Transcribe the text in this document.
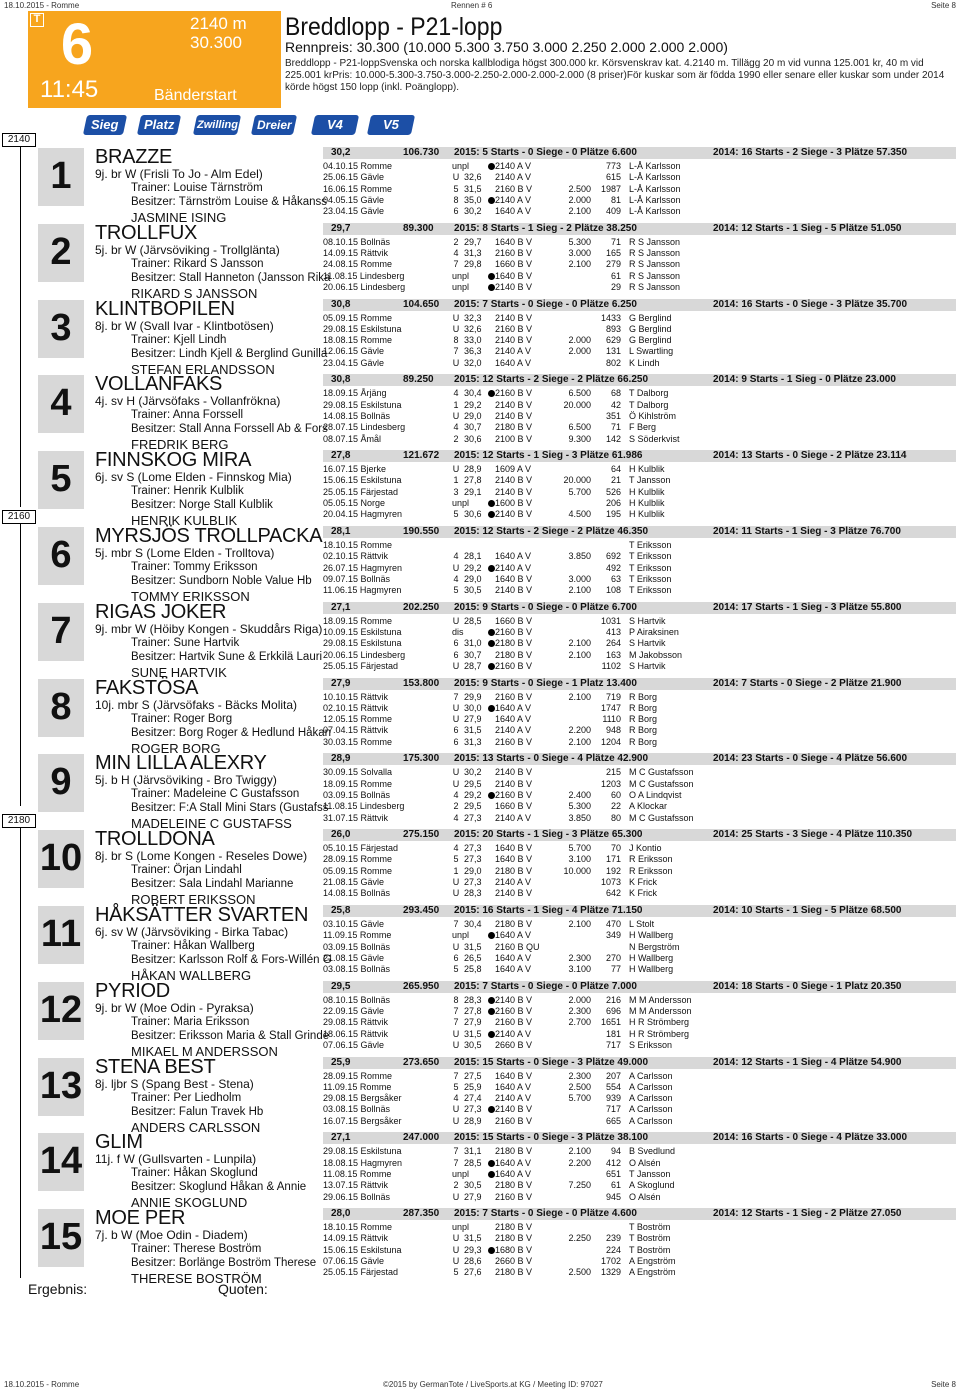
18.10.2015 - Romme	Rennen # 6	Seite 8
T 6
11:45
2140 m
30.300
Bänderstart
Breddlopp - P21-lopp
Rennpreis: 30.300 (10.000 5.300 3.750 3.000 2.250 2.000 2.000 2.000)
Breddlopp - P21-loppSvenska och norska kallblodiga högst 300.000 kr. Körsvenskrav kat. 4.2140 m. Tillägg 20 m vid vunna 125.001 kr, 40 m vid 225.001 krPris: 10.000-5.300-3.750-3.000-2.250-2.000-2.000-2.000 (8 priser)För kuskar som är födda 1990 eller senare eller kuskar som under 2014 körde högst 150 lopp (inkl. Poänglopp).
Sieg	Platz	Zwilling	Dreier	V4	V5
2140
2160
2180
1	BRAZZE
9j. br W (Frisli To Jo - Alm Edel)
Trainer: Louise Tärnström
Besitzer: Tärnström Louise & Håkanss
JASMINE ISING
30,2	106.730 2015: 5 Starts - 0 Siege - 0 Plätze 6.600	2014: 16 Starts - 2 Siege - 3 Plätze 57.350
04.10.15 Romme	unpl	2140 A V	773 L-Å Karlsson
25.06.15 Gävle	U 32,6 2140 A V	615 L-Å Karlsson
16.06.15 Romme	5 31,5 2160 B V	2.500	1987 L-Å Karlsson
04.05.15 Gävle	8 35,0 2140 A V	2.000	81 L-Å Karlsson
23.04.15 Gävle	6 30,2 1640 A V	2.100	409 L-Å Karlsson
2	TROLLFUX
5j. br W (Järvsöviking - Trollglänta)
Trainer: Rikard S Jansson
Besitzer: Stall Hanneton (Jansson Rika
RIKARD S JANSSON
29,7	89.300 2015: 8 Starts - 1 Sieg - 2 Plätze 38.250	2014: 12 Starts - 1 Sieg - 5 Plätze 51.050
08.10.15 Bollnäs	2 29,7 1640 B V	5.300	71 R S Jansson
14.09.15 Rättvik	4 31,3 2160 B V	3.000	165 R S Jansson
24.08.15 Romme	7 29,8 1660 B V	2.100	279 R S Jansson
11.08.15 Lindesberg	unpl	1640 B V	61 R S Jansson
20.06.15 Lindesberg	unpl	2140 B V	29 R S Jansson
3	KLINTBOPILEN
8j. br W (Svall Ivar - Klintbotösen)
Trainer: Kjell Lindh
Besitzer: Lindh Kjell & Berglind Gunilla
STEFAN ERLANDSSON
30,8	104.650 2015: 7 Starts - 0 Siege - 0 Plätze 6.250	2014: 16 Starts - 0 Siege - 3 Plätze 35.700
05.09.15 Romme	U 32,3 2140 B V	1433 G Berglind
29.08.15 Eskilstuna	U 32,6 2160 B V	893 G Berglind
18.08.15 Romme	8 33,0 2140 B V	2.000	629 G Berglind
12.06.15 Gävle	7 36,3 2140 A V	2.000	131 L Swartling
23.04.15 Gävle	U 32,0 1640 A V	802 K Lindh
4	VOLLANFAKS
4j. sv H (Järvsöfaks - Vollanfrökna)
Trainer: Anna Forssell
Besitzer: Stall Anna Forssell Ab & Fors
FREDRIK BERG
30,8	89.250 2015: 12 Starts - 2 Siege - 2 Plätze 66.250	2014: 9 Starts - 1 Sieg - 0 Plätze 23.000
18.09.15 Årjäng	4 30,4 2160 B V	6.500	68 T Dalborg
29.08.15 Eskilstuna	1 29,2 2140 B V	20.000	42 T Dalborg
14.08.15 Bollnäs	U 29,0 2140 B V	351 Ö Kihlström
28.07.15 Lindesberg	4 30,7 2180 B V	6.500	71 F Berg
08.07.15 Åmål	2 30,6 2100 B V	9.300	142 S Söderkvist
5	FINNSKOG MIRA
6j. sv S (Lome Elden - Finnskog Mia)
Trainer: Henrik Kulblik
Besitzer: Norge Stall Kulblik
HENRIK KULBLIK
27,8	121.672 2015: 12 Starts - 1 Sieg - 3 Plätze 61.986	2014: 13 Starts - 0 Siege - 2 Plätze 23.114
16.07.15 Bjerke	U 28,9 1609 A V	64 H Kulblik
15.06.15 Eskilstuna	1 27,8 2140 B V	20.000	21 T Jansson
25.05.15 Färjestad	3 29,1 2140 B V	5.700	526 H Kulblik
05.05.15 Norge	unpl	1600 B V	206 H Kulblik
20.04.15 Hagmyren	5 30,6 2140 B V	4.500	195 H Kulblik
6	MYRSJÖS TROLLPACKA
5j. mbr S (Lome Elden - Trolltova)
Trainer: Tommy Eriksson
Besitzer: Sundborn Noble Value Hb
TOMMY ERIKSSON
28,1	190.550 2015: 12 Starts - 2 Siege - 2 Plätze 46.350	2014: 11 Starts - 1 Sieg - 3 Plätze 76.700
18.10.15 Romme	T Eriksson
02.10.15 Rättvik	4 28,1 1640 A V	3.850	692 T Eriksson
26.07.15 Hagmyren	U 29,2 2140 A V	492 T Eriksson
09.07.15 Bollnäs	4 29,0 1640 B V	3.000	63 T Eriksson
11.06.15 Hagmyren	5 30,5 2140 B V	2.100	108 T Eriksson
7	RIGAS JOKER
9j. mbr W (Höiby Kongen - Skuddårs Riga)
Trainer: Sune Hartvik
Besitzer: Hartvik Sune & Erkkilä Lauri
SUNE HARTVIK
27,1	202.250 2015: 9 Starts - 0 Siege - 0 Plätze 6.700	2014: 17 Starts - 1 Sieg - 3 Plätze 55.800
18.09.15 Romme	U 28,5 1660 B V	1031 S Hartvik
10.09.15 Eskilstuna	dis	2160 B V	413 P Airaksinen
29.08.15 Eskilstuna	6 31,0 2180 B V	2.100	264 S Hartvik
20.06.15 Lindesberg	6 30,7 2180 B V	2.100	163 M Jakobsson
25.05.15 Färjestad	U 28,7 2160 B V	1102 S Hartvik
8	FAKSTÖSA
10j. mbr S (Järvsöfaks - Bäcks Molita)
Trainer: Roger Borg
Besitzer: Borg Roger & Hedlund Håkan
ROGER BORG
27,9	153.800 2015: 9 Starts - 0 Siege - 1 Platz 13.400	2014: 7 Starts - 0 Siege - 2 Plätze 21.900
10.10.15 Rättvik	7 29,9 2160 B V	2.100	719 R Borg
02.10.15 Rättvik	U 30,0 1640 A V	1747 R Borg
12.05.15 Romme	U 27,9 1640 A V	1110 R Borg
07.04.15 Rättvik	6 31,5 2140 A V	2.200	948 R Borg
30.03.15 Romme	6 31,3 2160 B V	2.100	1204 R Borg
9	MIN LILLA ALEXRY
5j. b H (Järvsöviking - Bro Twiggy)
Trainer: Madeleine C Gustafsson
Besitzer: F:A Stall Mini Stars (Gustafss
MADELEINE C GUSTAFSS
28,9	175.300 2015: 13 Starts - 0 Siege - 4 Plätze 42.900	2014: 23 Starts - 0 Siege - 4 Plätze 56.600
30.09.15 Solvalla	U 30,2 2140 B V	215 M C Gustafsson
18.09.15 Romme	U 29,5 2140 B V	1203 M C Gustafsson
03.09.15 Bollnäs	4 29,2 2160 B V	2.400	60 O A Lindqvist
11.08.15 Lindesberg	2 29,5 1660 B V	5.300	22 A Klockar
31.07.15 Rättvik	4 27,3 2140 A V	3.850	80 M C Gustafsson
10 TROLLDONA
8j. br S (Lome Kongen - Reseles Dowe)
Trainer: Örjan Lindahl
Besitzer: Sala Lindahl Marianne
ROBERT ERIKSSON
26,0	275.150 2015: 20 Starts - 1 Sieg - 3 Plätze 65.300	2014: 25 Starts - 3 Siege - 4 Plätze 110.350
05.10.15 Färjestad	4 27,3 1640 B V	5.700	70 J Kontio
28.09.15 Romme	5 27,3 1640 B V	3.100	171 R Eriksson
05.09.15 Romme	1 29,0 2180 B V	10.000	192 R Eriksson
21.08.15 Gävle	U 27,3 2140 A V	1073 K Frick
14.08.15 Bollnäs	U 28,3 2140 B V	642 K Frick
11 HÅKSÄTTER SVARTEN
6j. sv W (Järvsöviking - Birka Tabac)
Trainer: Håkan Wallberg
Besitzer: Karlsson Rolf & Fors-Willén G
HÅKAN WALLBERG
25,8	293.450 2015: 16 Starts - 1 Sieg - 4 Plätze 71.150	2014: 10 Starts - 1 Sieg - 5 Plätze 68.500
03.10.15 Gävle	7 30,4 2180 B V	2.100	470 L Stolt
11.09.15 Romme	unpl	1640 A V	349 H Wallberg
03.09.15 Bollnäs	U 31,5 2160 B QU	N Bergström
21.08.15 Gävle	6 26,5 1640 A V	2.300	270 H Wallberg
03.08.15 Bollnäs	5 25,8 1640 A V	3.100	77 H Wallberg
12 PYRIOD
9j. br W (Moe Odin - Pyraksa)
Trainer: Maria Eriksson
Besitzer: Eriksson Maria & Stall Grinde
MIKAEL M ANDERSSON
29,5	265.950 2015: 7 Starts - 0 Siege - 0 Plätze 7.000	2014: 18 Starts - 0 Siege - 1 Platz 20.350
08.10.15 Bollnäs	8 28,3 2140 B V	2.000	216 M M Andersson
22.09.15 Gävle	7 27,8 2160 B V	2.300	696 M M Andersson
29.08.15 Rättvik	7 27,9 2160 B V	2.700	1651 H R Strömberg
18.06.15 Rättvik	U 31,5 2140 A V	181 H R Strömberg
07.06.15 Gävle	U 30,5 2660 B V	717 S Eriksson
13 STENA BEST
8j. ljbr S (Spang Best - Stena)
Trainer: Per Liedholm
Besitzer: Falun Travek Hb
ANDERS CARLSSON
25,9	273.650 2015: 15 Starts - 0 Siege - 3 Plätze 49.000	2014: 12 Starts - 1 Sieg - 4 Plätze 54.900
28.09.15 Romme	7 27,5 1640 B V	2.300	207 A Carlsson
11.09.15 Romme	5 25,9 1640 A V	2.500	554 A Carlsson
29.08.15 Bergsåker	4 27,4 2140 A V	5.700	939 A Carlsson
03.08.15 Bollnäs	U 27,3 2140 B V	717 A Carlsson
16.07.15 Bergsåker	U 28,9 2160 B V	665 A Carlsson
14 GLIM
11j. f W (Gullsvarten - Lunpila)
Trainer: Håkan Skoglund
Besitzer: Skoglund Håkan & Annie
ANNIE SKOGLUND
27,1	247.000 2015: 15 Starts - 0 Siege - 3 Plätze 38.100	2014: 16 Starts - 0 Siege - 4 Plätze 33.000
29.08.15 Eskilstuna	7 31,1 2180 B V	2.100	94 B Svedlund
18.08.15 Hagmyren	7 28,5 1640 A V	2.200	412 O Alsén
11.08.15 Romme	unpl	1640 A V	651 T Jansson
13.07.15 Rättvik	2 30,5 2180 B V	7.250	61 A Skoglund
29.06.15 Bollnäs	U 27,9 2160 B V	945 O Alsén
15 MOE PER
7j. b W (Moe Odin - Diadem)
Trainer: Therese Boström
Besitzer: Borlänge Boström Therese
THERESE BOSTRÖM
28,0	287.350 2015: 7 Starts - 0 Siege - 0 Plätze 4.600	2014: 12 Starts - 1 Sieg - 2 Plätze 27.050
18.10.15 Romme	unpl	2180 B V	T Boström
14.09.15 Rättvik	U 31,5 2180 B V	2.250	239 T Boström
15.06.15 Eskilstuna	U 29,3 1680 B V	224 T Boström
07.06.15 Gävle	U 28,6 2660 B V	1702 A Engström
25.05.15 Färjestad	5 27,6 2180 B V	2.500	1329 A Engström
Ergebnis:	Quoten:
18.10.2015 - Romme	©2015 by GermanTote / LiveSports.at KG / Meeting ID: 97027	Seite 8
